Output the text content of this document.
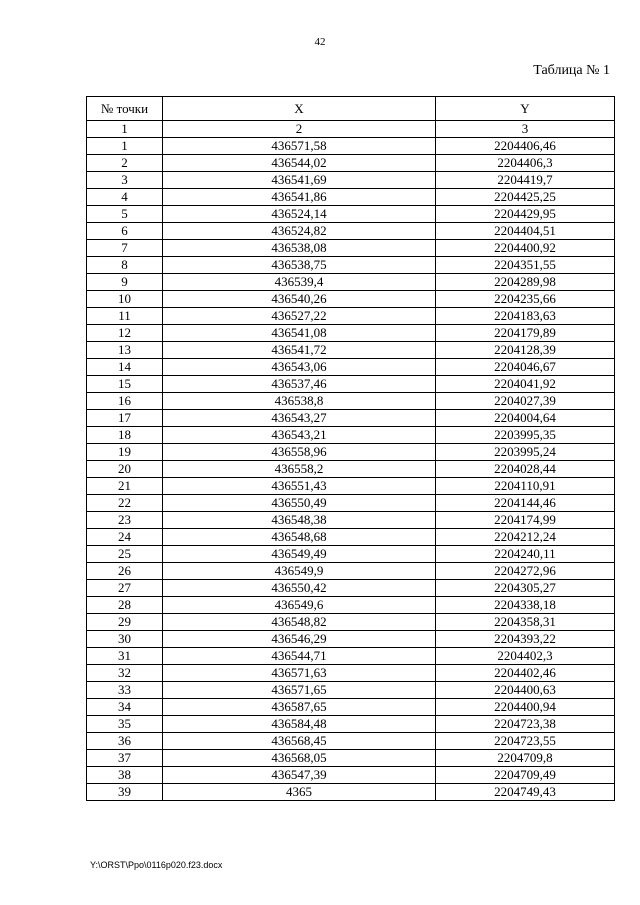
42
Таблица № 1
№ точки	X	Y
1	2	3
1	436571,58	2204406,46
2	436544,02	2204406,3
3	436541,69	2204419,7
4	436541,86	2204425,25
5	436524,14	2204429,95
6	436524,82	2204404,51
7	436538,08	2204400,92
8	436538,75	2204351,55
9	436539,4	2204289,98
10	436540,26	2204235,66
11	436527,22	2204183,63
12	436541,08	2204179,89
13	436541,72	2204128,39
14	436543,06	2204046,67
15	436537,46	2204041,92
16	436538,8	2204027,39
17	436543,27	2204004,64
18	436543,21	2203995,35
19	436558,96	2203995,24
20	436558,2	2204028,44
21	436551,43	2204110,91
22	436550,49	2204144,46
23	436548,38	2204174,99
24	436548,68	2204212,24
25	436549,49	2204240,11
26	436549,9	2204272,96
27	436550,42	2204305,27
28	436549,6	2204338,18
29	436548,82	2204358,31
30	436546,29	2204393,22
31	436544,71	2204402,3
32	436571,63	2204402,46
33	436571,65	2204400,63
34	436587,65	2204400,94
35	436584,48	2204723,38
36	436568,45	2204723,55
37	436568,05	2204709,8
38	436547,39	2204709,49
39	4365	2204749,43
Y:\ORST\Ppo\0116p020.f23.docx
